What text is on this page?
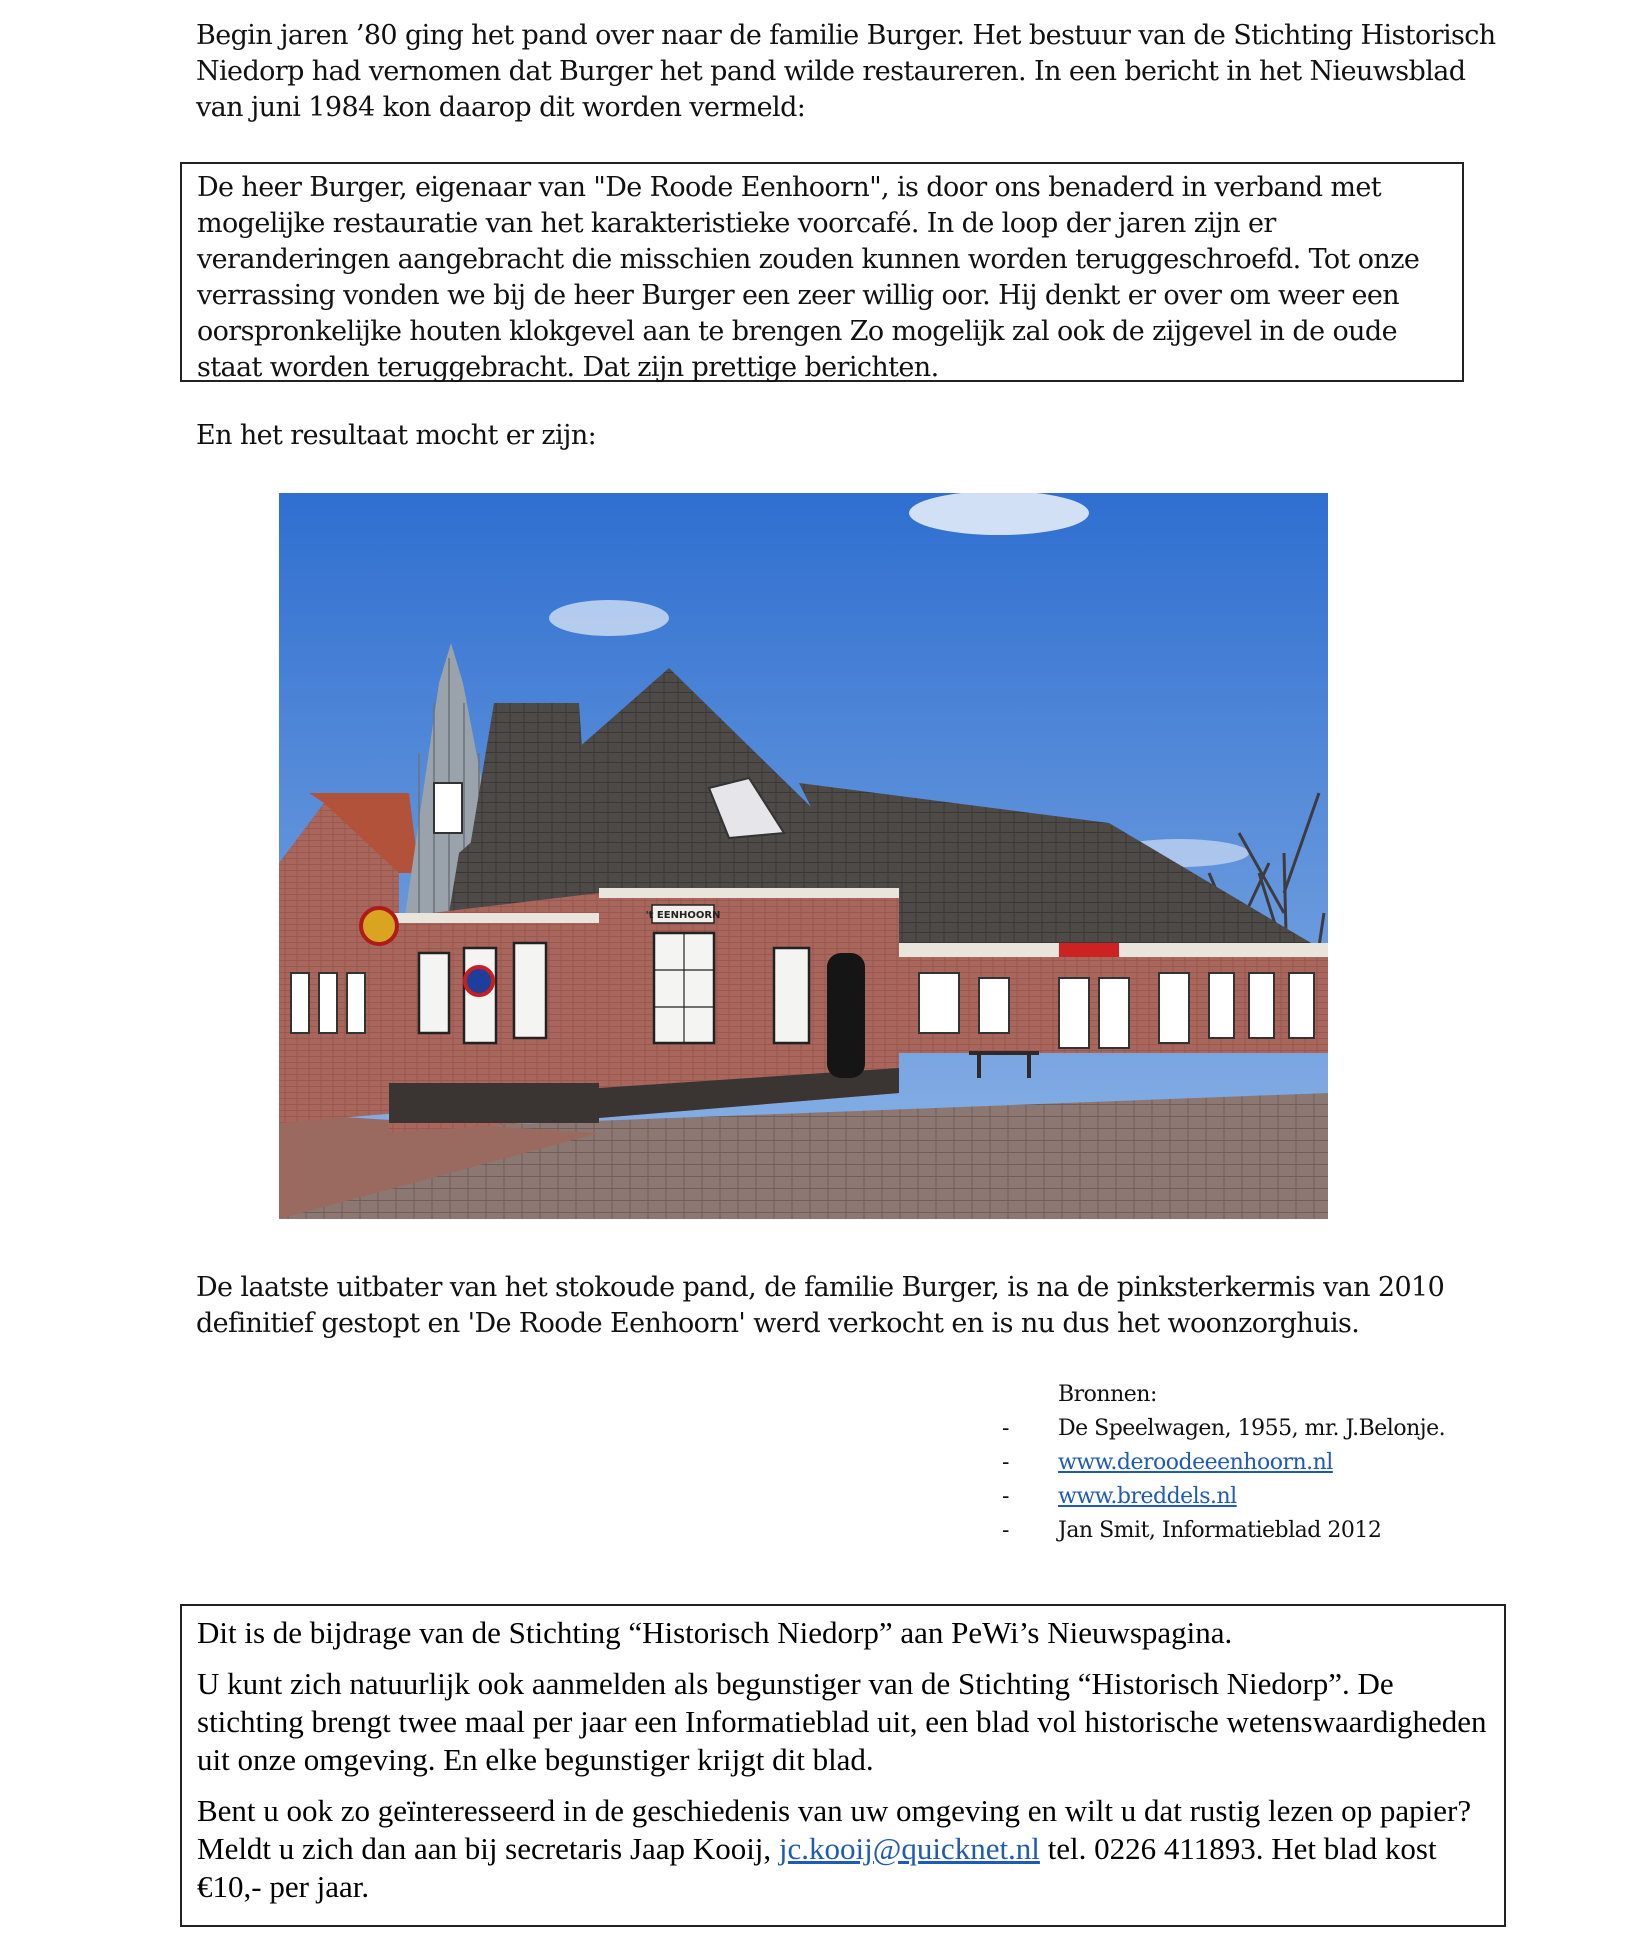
Begin jaren ’80 ging het pand over naar de familie Burger. Het bestuur van de Stichting Historisch Niedorp had vernomen dat Burger het pand wilde restaureren. In een bericht in het Nieuwsblad van juni 1984 kon daarop dit worden vermeld:

De heer Burger, eigenaar van "De Roode Eenhoorn", is door ons benaderd in verband met mogelijke restauratie van het karakteristieke voorcafé. In de loop der jaren zijn er veranderingen aangebracht die misschien zouden kunnen worden teruggeschroefd. Tot onze verrassing vonden we bij de heer Burger een zeer willig oor. Hij denkt er over om weer een oorspronkelijke houten klokgevel aan te brengen Zo mogelijk zal ook de zijgevel in de oude staat worden teruggebracht. Dat zijn prettige berichten.

En het resultaat mocht er zijn:

't EENHOORN

De laatste uitbater van het stokoude pand, de familie Burger, is na de pinksterkermis van 2010 definitief gestopt en 'De Roode Eenhoorn' werd verkocht en is nu dus het woonzorghuis.

Bronnen:
-	De Speelwagen, 1955, mr. J.Belonje.
-	www.deroodeeenhoorn.nl
-	www.breddels.nl
-	Jan Smit, Informatieblad 2012

Dit is de bijdrage van de Stichting “Historisch Niedorp” aan PeWi’s Nieuwspagina.

U kunt zich natuurlijk ook aanmelden als begunstiger van de Stichting “Historisch Niedorp”. De stichting brengt twee maal per jaar een Informatieblad uit, een blad vol historische wetenswaardigheden uit onze omgeving. En elke begunstiger krijgt dit blad.

Bent u ook zo geïnteresseerd in de geschiedenis van uw omgeving en wilt u dat rustig lezen op papier? Meldt u zich dan aan bij secretaris Jaap Kooij, jc.kooij@quicknet.nl tel. 0226 411893. Het blad kost €10,- per jaar.
